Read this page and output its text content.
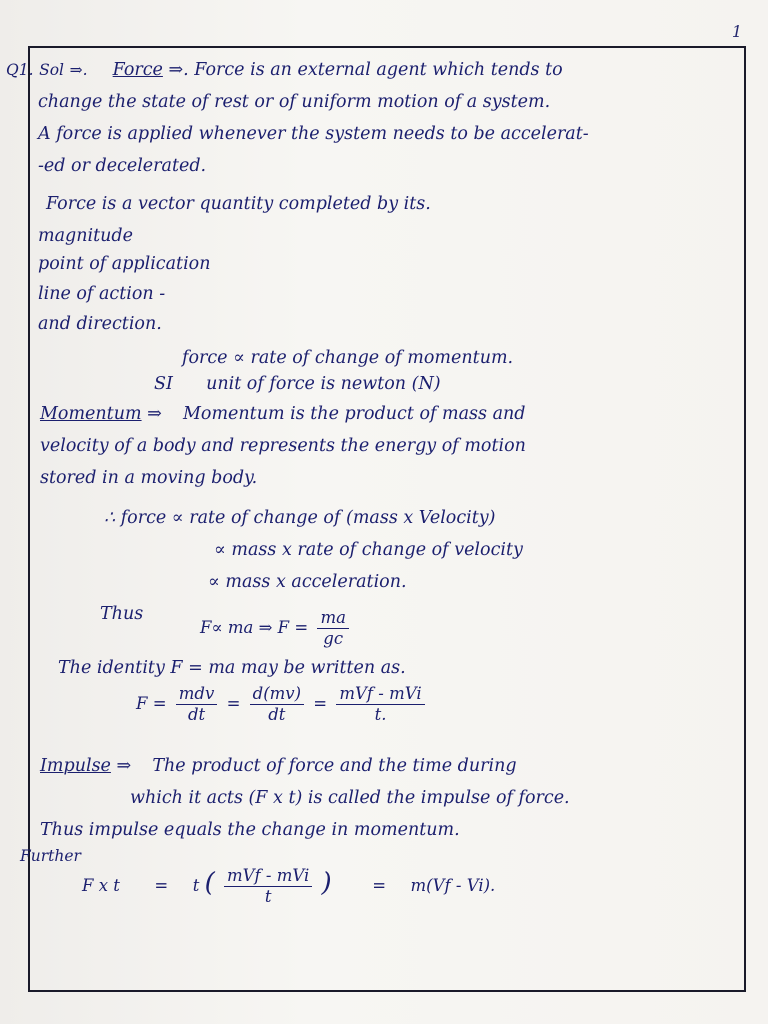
1
Q1. Sol ⇒. Force ⇒. Force is an external agent which tends to
change the state of rest or of uniform motion of a system.
A force is applied whenever the system needs to be accelerat-
-ed or decelerated.
Force is a vector quantity completed by its.
magnitude
point of application
line of action -
and direction.
force ∝ rate of change of momentum.
SI unit of force is newton (N)
Momentum ⇒ Momentum is the product of mass and
velocity of a body and represents the energy of motion
stored in a moving body.
∴ force ∝ rate of change of (mass x Velocity)
∝ mass x rate of change of velocity
∝ mass x acceleration.
Thus
F∝ ma ⇒ $F = \frac{ma}{gc}$
The identity F = ma may be written as.
$F = \frac{\text{mdv}}{dt} = \frac{d(mv)}{dt} = \frac{\text{mVf - mVi}}{t.}$
Impulse ⇒ The product of force and the time during
which it acts (F x t) is called the impulse of force.
Thus impulse equals the change in momentum.
Further
F x t = t ( $\frac{\text{mVf - mVi}}{t}$ ) = m(Vf - Vi).
